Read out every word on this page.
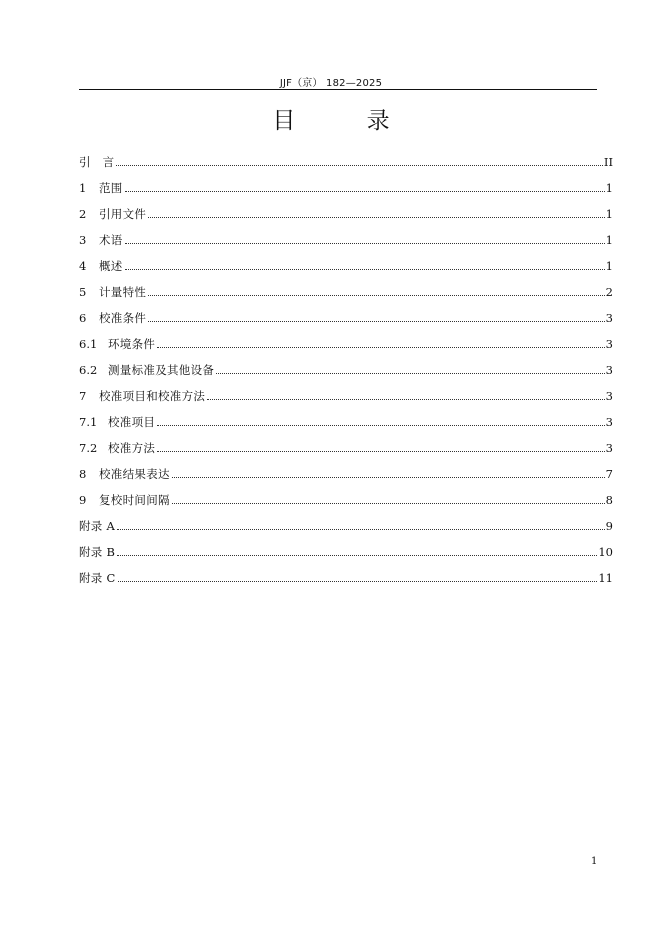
JJF（京） 182—2025
目 录
引　言	II
1	范围	1
2	引用文件	1
3	术语	1
4	概述	1
5	计量特性	2
6	校准条件	3
6.1 环境条件	3
6.2 测量标准及其他设备	3
7	校准项目和校准方法	3
7.1 校准项目	3
7.2 校准方法	3
8	校准结果表达	7
9	复校时间间隔	8
附录 A	9
附录 B	10
附录 C	11
1
